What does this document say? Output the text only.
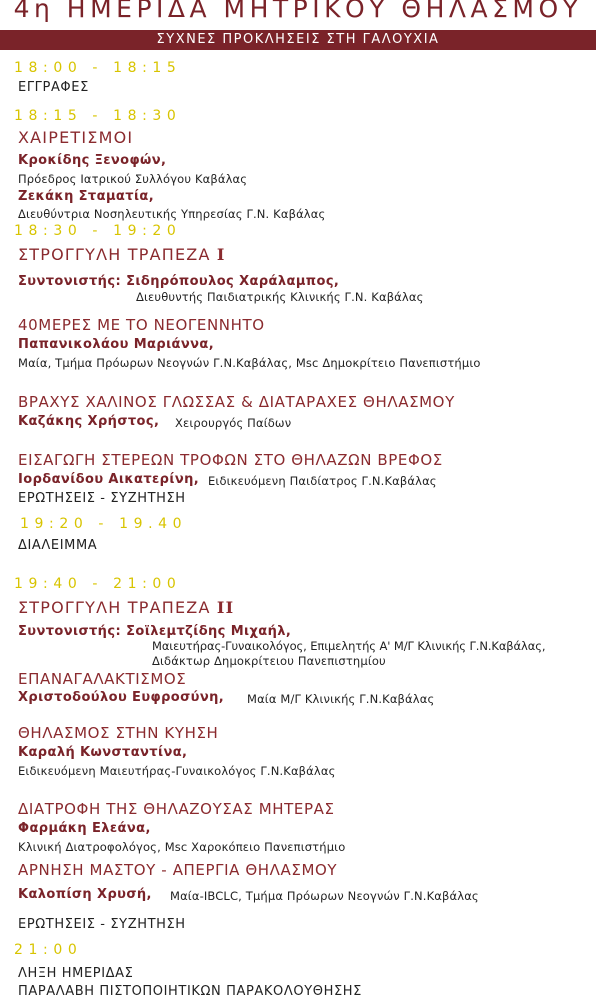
4η ΗΜΕΡΙΔΑ ΜΗΤΡΙΚΟΥ ΘΗΛΑΣΜΟΥ
ΣΥΧΝΕΣ ΠΡΟΚΛΗΣΕΙΣ ΣΤΗ ΓΑΛΟΥΧΙΑ
18:00 - 18:15
ΕΓΓΡΑΦΕΣ
18:15 - 18:30
ΧΑΙΡΕΤΙΣΜΟΙ
Κροκίδης Ξενοφών,
Πρόεδρος Ιατρικού Συλλόγου Καβάλας
Ζεκάκη Σταματία,
Διευθύντρια Νοσηλευτικής Υπηρεσίας Γ.Ν. Καβάλας
18:30 - 19:20
ΣΤΡΟΓΓΥΛΗ ΤΡΑΠΕΖΑ I
Συντονιστής: Σιδηρόπουλος Χαράλαμπος,
Διευθυντής Παιδιατρικής Κλινικής Γ.Ν. Καβάλας
40ΜΕΡΕΣ ΜΕ ΤΟ ΝΕΟΓΕΝΝΗΤΟ
Παπανικολάου Μαριάννα,
Μαία, Τμήμα Πρόωρων Νεογνών Γ.Ν.Καβάλας, Msc Δημοκρίτειο Πανεπιστήμιο
ΒΡΑΧΥΣ ΧΑΛΙΝΟΣ ΓΛΩΣΣΑΣ & ΔΙΑΤΑΡΑΧΕΣ ΘΗΛΑΣΜΟΥ
Καζάκης Χρήστος, Χειρουργός Παίδων
ΕΙΣΑΓΩΓΗ ΣΤΕΡΕΩΝ ΤΡΟΦΩΝ ΣΤΟ ΘΗΛΑΖΩΝ ΒΡΕΦΟΣ
Ιορδανίδου Αικατερίνη, Ειδικευόμενη Παιδίατρος Γ.Ν.Καβάλας
ΕΡΩΤΗΣΕΙΣ - ΣΥΖΗΤΗΣΗ
19:20 - 19.40
ΔΙΑΛΕΙΜΜΑ
19:40 - 21:00
ΣΤΡΟΓΓΥΛΗ ΤΡΑΠΕΖΑ II
Συντονιστής: Σοϊλεμτζίδης Μιχαήλ,
Μαιευτήρας-Γυναικολόγος, Επιμελητής Α' Μ/Γ Κλινικής Γ.Ν.Καβάλας,
Διδάκτωρ Δημοκρίτειου Πανεπιστημίου
ΕΠΑΝΑΓΑΛΑΚΤΙΣΜΟΣ
Χριστοδούλου Ευφροσύνη, Μαία Μ/Γ Κλινικής Γ.Ν.Καβάλας
ΘΗΛΑΣΜΟΣ ΣΤΗΝ ΚΥΗΣΗ
Καραλή Κωνσταντίνα,
Ειδικευόμενη Μαιευτήρας-Γυναικολόγος Γ.Ν.Καβάλας
ΔΙΑΤΡΟΦΗ ΤΗΣ ΘΗΛΑΖΟΥΣΑΣ ΜΗΤΕΡΑΣ
Φαρμάκη Ελεάνα,
Κλινική Διατροφολόγος, Msc Χαροκόπειο Πανεπιστήμιο
ΑΡΝΗΣΗ ΜΑΣΤΟΥ - ΑΠΕΡΓΙΑ ΘΗΛΑΣΜΟΥ
Καλοπίση Χρυσή, Μαία-IBCLC, Τμήμα Πρόωρων Νεογνών Γ.Ν.Καβάλας
ΕΡΩΤΗΣΕΙΣ - ΣΥΖΗΤΗΣΗ
21:00
ΛΗΞΗ ΗΜΕΡΙΔΑΣ
ΠΑΡΑΛΑΒΗ ΠΙΣΤΟΠΟΙΗΤΙΚΩΝ ΠΑΡΑΚΟΛΟΥΘΗΣΗΣ
